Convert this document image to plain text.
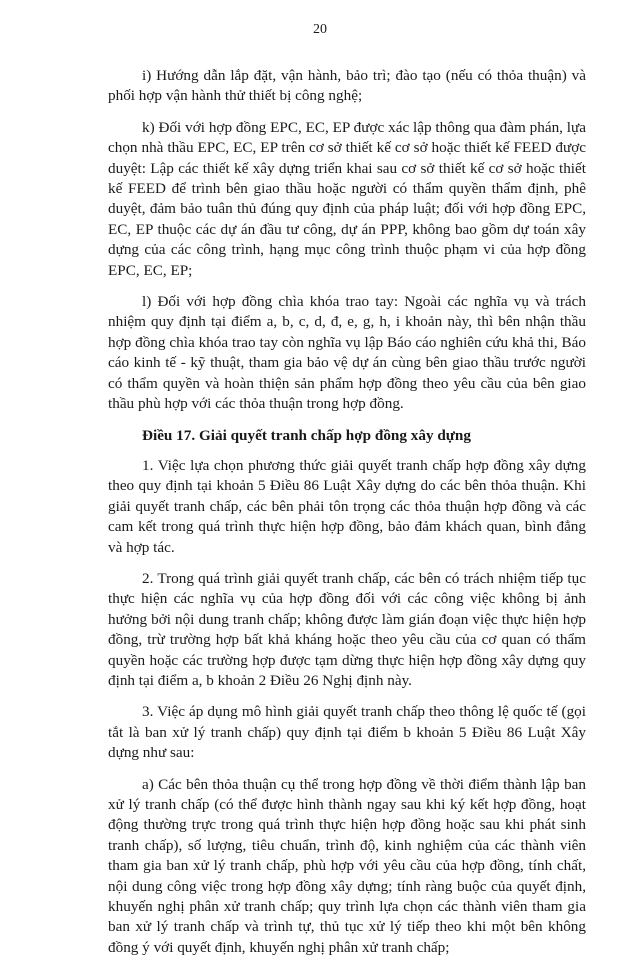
20

i) Hướng dẫn lắp đặt, vận hành, bảo trì; đào tạo (nếu có thỏa thuận) và phối hợp vận hành thử thiết bị công nghệ;

k) Đối với hợp đồng EPC, EC, EP được xác lập thông qua đàm phán, lựa chọn nhà thầu EPC, EC, EP trên cơ sở thiết kế cơ sở hoặc thiết kế FEED được duyệt: Lập các thiết kế xây dựng triển khai sau cơ sở thiết kế cơ sở hoặc thiết kế FEED để trình bên giao thầu hoặc người có thẩm quyền thẩm định, phê duyệt, đảm bảo tuân thủ đúng quy định của pháp luật; đối với hợp đồng EPC, EC, EP thuộc các dự án đầu tư công, dự án PPP, không bao gồm dự toán xây dựng của các công trình, hạng mục công trình thuộc phạm vi của hợp đồng EPC, EC, EP;

l) Đối với hợp đồng chìa khóa trao tay: Ngoài các nghĩa vụ và trách nhiệm quy định tại điểm a, b, c, d, đ, e, g, h, i khoản này, thì bên nhận thầu hợp đồng chìa khóa trao tay còn nghĩa vụ lập Báo cáo nghiên cứu khả thi, Báo cáo kinh tế - kỹ thuật, tham gia bảo vệ dự án cùng bên giao thầu trước người có thẩm quyền và hoàn thiện sản phẩm hợp đồng theo yêu cầu của bên giao thầu phù hợp với các thỏa thuận trong hợp đồng.

Điều 17. Giải quyết tranh chấp hợp đồng xây dựng

1. Việc lựa chọn phương thức giải quyết tranh chấp hợp đồng xây dựng theo quy định tại khoản 5 Điều 86 Luật Xây dựng do các bên thỏa thuận. Khi giải quyết tranh chấp, các bên phải tôn trọng các thỏa thuận hợp đồng và các cam kết trong quá trình thực hiện hợp đồng, bảo đảm khách quan, bình đẳng và hợp tác.

2. Trong quá trình giải quyết tranh chấp, các bên có trách nhiệm tiếp tục thực hiện các nghĩa vụ của hợp đồng đối với các công việc không bị ảnh hưởng bởi nội dung tranh chấp; không được làm gián đoạn việc thực hiện hợp đồng, trừ trường hợp bất khả kháng hoặc theo yêu cầu của cơ quan có thẩm quyền hoặc các trường hợp được tạm dừng thực hiện hợp đồng xây dựng quy định tại điểm a, b khoản 2 Điều 26 Nghị định này.

3. Việc áp dụng mô hình giải quyết tranh chấp theo thông lệ quốc tế (gọi tắt là ban xử lý tranh chấp) quy định tại điểm b khoản 5 Điều 86 Luật Xây dựng như sau:

a) Các bên thỏa thuận cụ thể trong hợp đồng về thời điểm thành lập ban xử lý tranh chấp (có thể được hình thành ngay sau khi ký kết hợp đồng, hoạt động thường trực trong quá trình thực hiện hợp đồng hoặc sau khi phát sinh tranh chấp), số lượng, tiêu chuẩn, trình độ, kinh nghiệm của các thành viên tham gia ban xử lý tranh chấp, phù hợp với yêu cầu của hợp đồng, tính chất, nội dung công việc trong hợp đồng xây dựng; tính ràng buộc của quyết định, khuyến nghị phân xử tranh chấp; quy trình lựa chọn các thành viên tham gia ban xử lý tranh chấp và trình tự, thủ tục xử lý tiếp theo khi một bên không đồng ý với quyết định, khuyến nghị phân xử tranh chấp;
